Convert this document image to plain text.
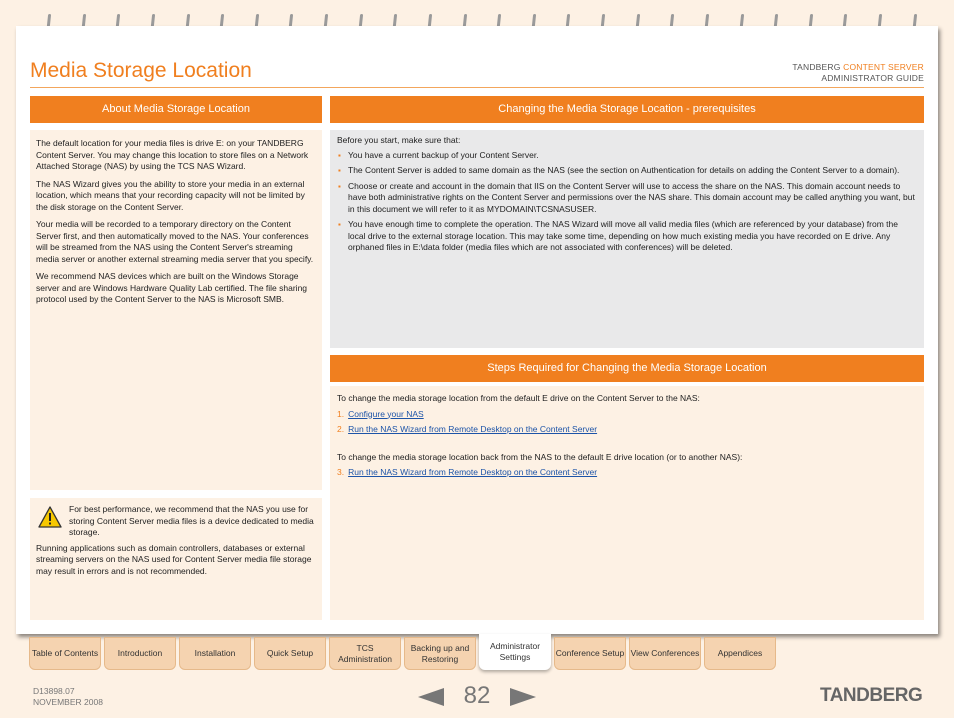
Media Storage Location	TANDBERG CONTENT SERVER
ADMINISTRATOR GUIDE
About Media Storage Location

The default location for your media files is drive E: on your TANDBERG Content Server. You may change this location to store files on a Network Attached Storage (NAS) by using the TCS NAS Wizard.

The NAS Wizard gives you the ability to store your media in an external location, which means that your recording capacity will not be limited by the disk storage on the Content Server.

Your media will be recorded to a temporary directory on the Content Server first, and then automatically moved to the NAS. Your conferences will be streamed from the NAS using the Content Server's streaming media server or another external streaming media server that you specify.

We recommend NAS devices which are built on the Windows Storage server and are Windows Hardware Quality Lab certified. The file sharing protocol used by the Content Server to the NAS is Microsoft SMB.

For best performance, we recommend that the NAS you use for storing Content Server media files is a device dedicated to media storage.

Running applications such as domain controllers, databases or external streaming servers on the NAS used for Content Server media file storage may result in errors and is not recommended.

Changing the Media Storage Location - prerequisites

Before you start, make sure that:

▪ You have a current backup of your Content Server.
▪ The Content Server is added to same domain as the NAS (see the section on Authentication for details on adding the Content Server to a domain).
▪ Choose or create and account in the domain that IIS on the Content Server will use to access the share on the NAS. This domain account needs to have both administrative rights on the Content Server and permissions over the NAS share. This domain account may be called anything you want, but in this document we will refer to it as MYDOMAIN\TCSNASUSER.
▪ You have enough time to complete the operation. The NAS Wizard will move all valid media files (which are referenced by your database) from the local drive to the external storage location. This may take some time, depending on how much existing media you have recorded on E drive. Any orphaned files in E:\data folder (media files which are not associated with conferences) will be deleted.
Steps Required for Changing the Media Storage Location

To change the media storage location from the default E drive on the Content Server to the NAS:

1. Configure your NAS
2. Run the NAS Wizard from Remote Desktop on the Content Server

To change the media storage location back from the NAS to the default E drive location (or to another NAS):

3. Run the NAS Wizard from Remote Desktop on the Content Server
Table of Contents	Introduction	Installation	Quick Setup
TCS Administration
Backing up and Restoring
Administrator Settings	Conference Setup View Conferences	Appendices
D13898.07
NOVEMBER 2008	82	TANDBERG
